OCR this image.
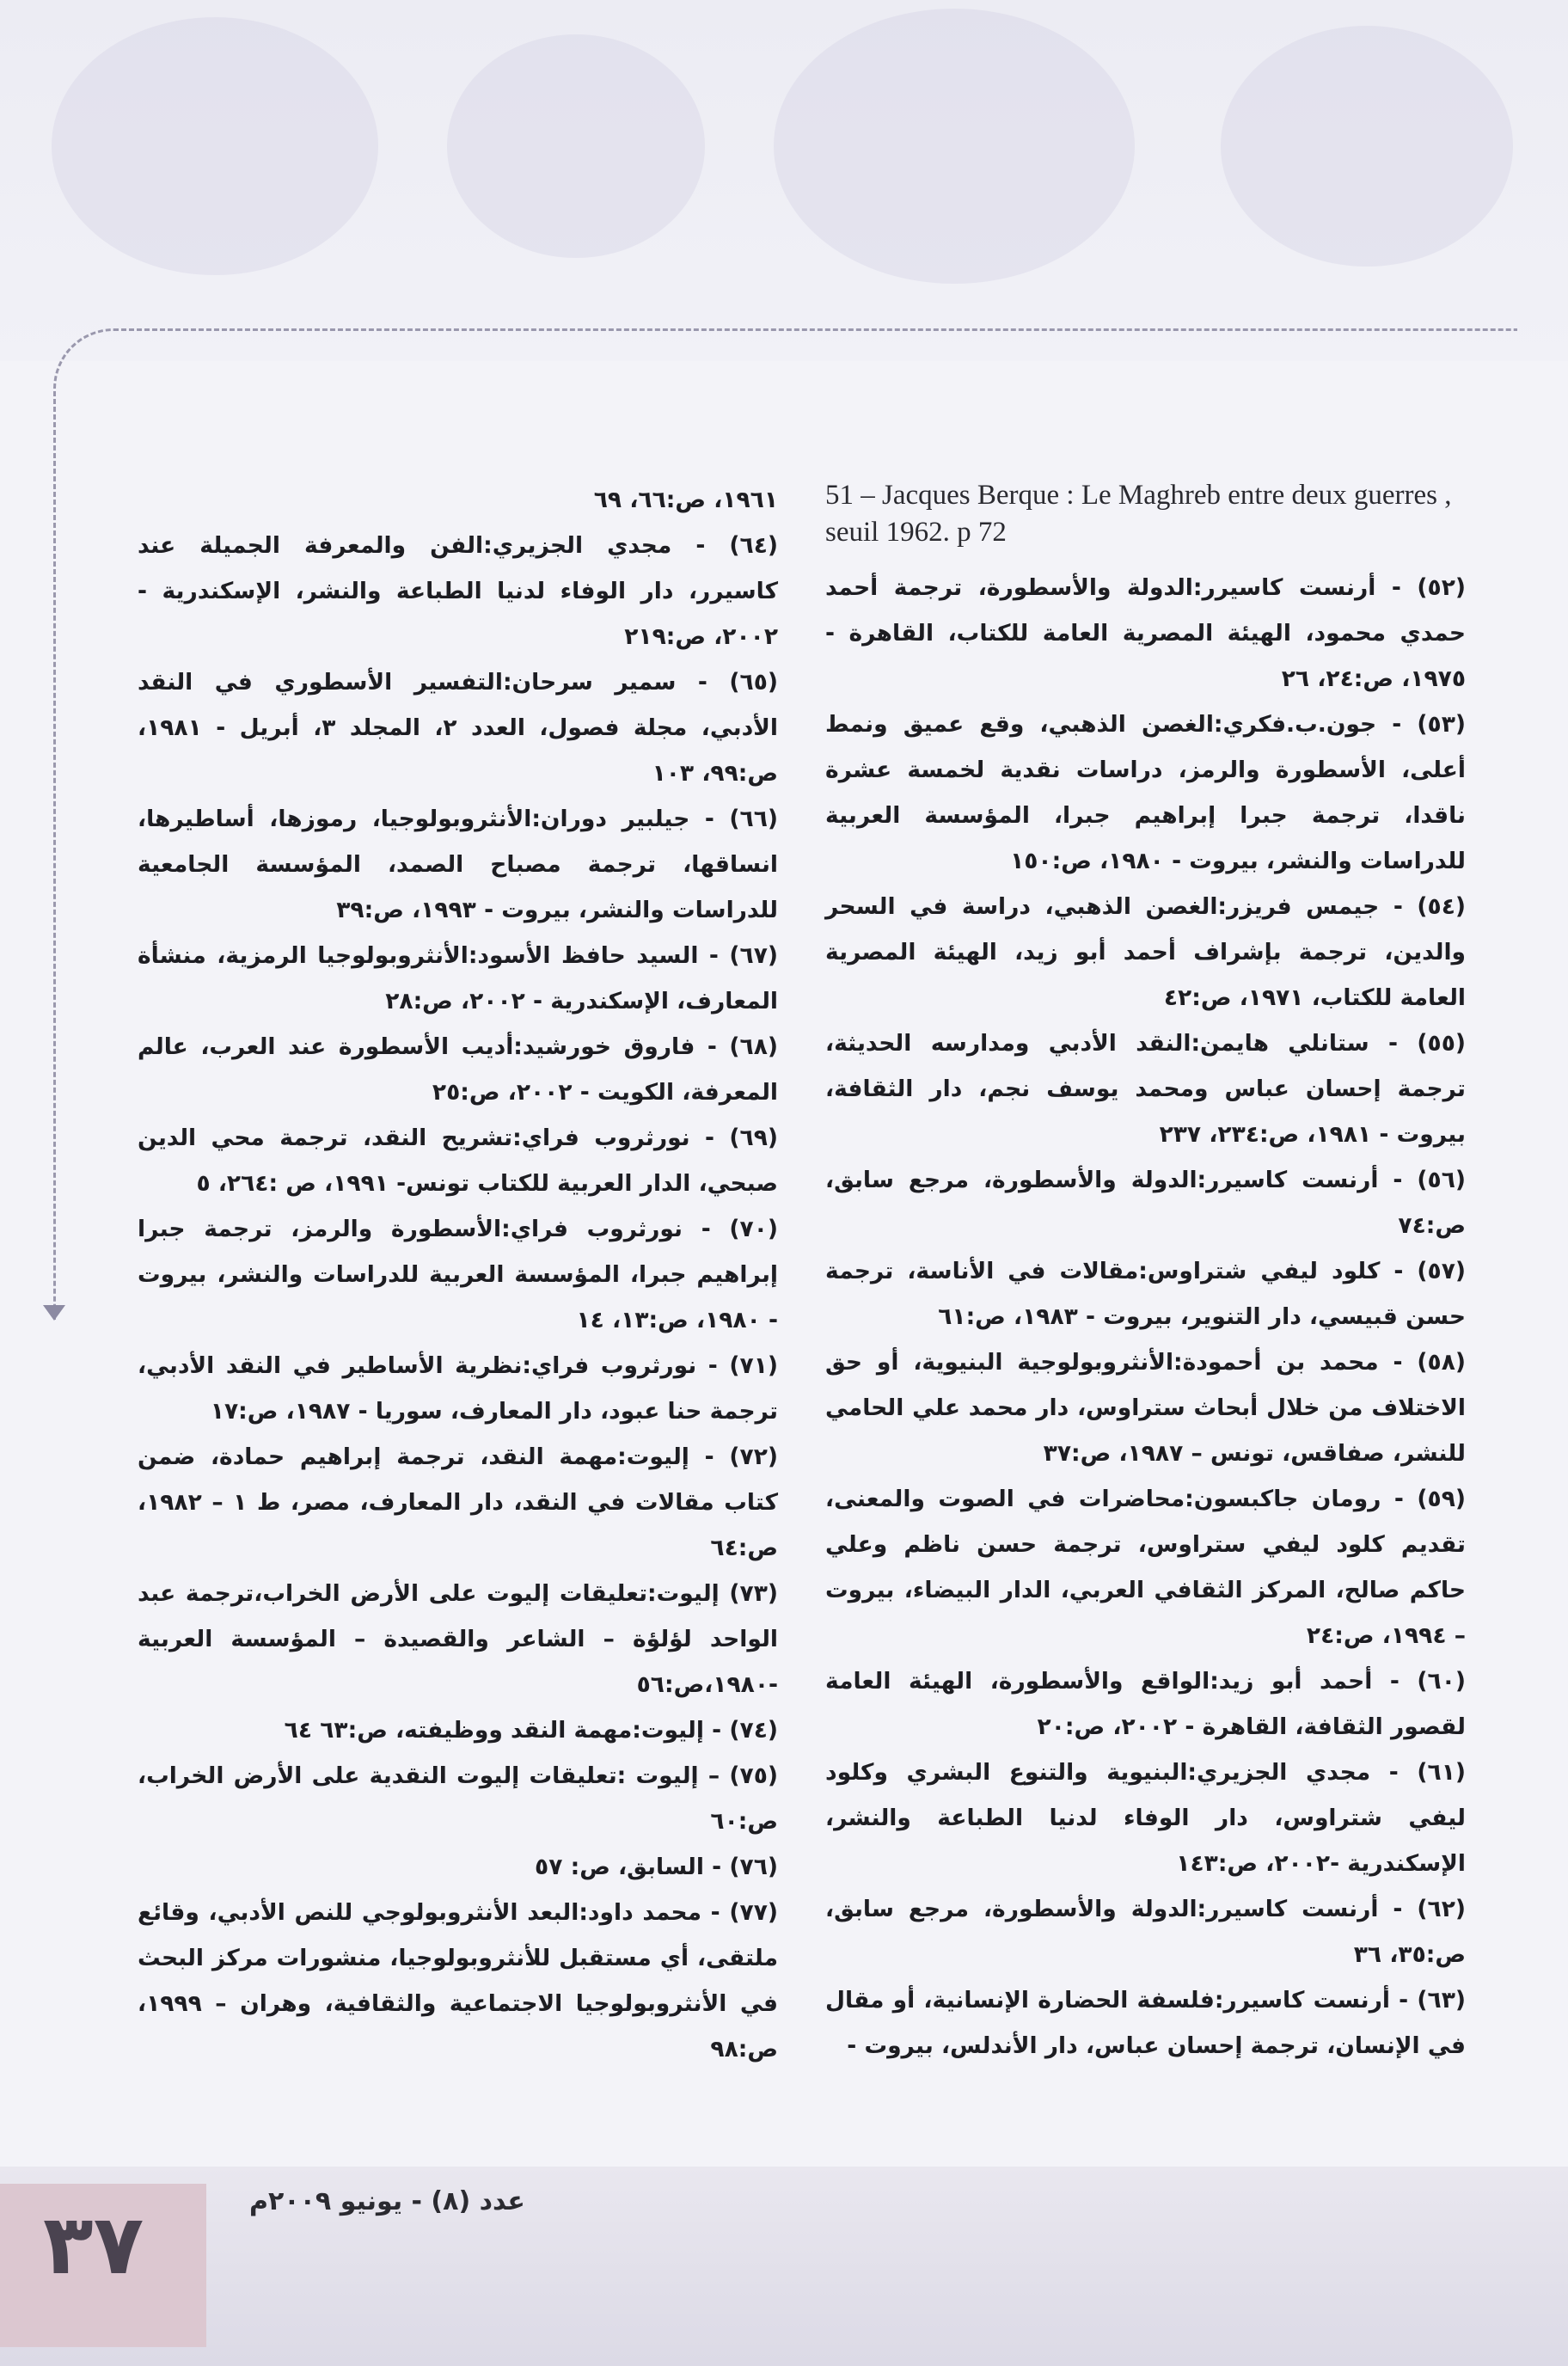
51 – Jacques Berque : Le Maghreb entre deux guerres , seuil 1962. p 72

(٥٢) - أرنست كاسيرر:الدولة والأسطورة، ترجمة أحمد حمدي محمود، الهيئة المصرية العامة للكتاب، القاهرة - ١٩٧٥، ص:٢٤، ٢٦

(٥٣) - جون.ب.فكري:الغصن الذهبي، وقع عميق ونمط أعلى، الأسطورة والرمز، دراسات نقدية لخمسة عشرة ناقدا، ترجمة جبرا إبراهيم جبرا، المؤسسة العربية للدراسات والنشر، بيروت - ١٩٨٠، ص:١٥٠

(٥٤) - جيمس فريزر:الغصن الذهبي، دراسة في السحر والدين، ترجمة بإشراف أحمد أبو زيد، الهيئة المصرية العامة للكتاب، ١٩٧١، ص:٤٢

(٥٥) - ستانلي هايمن:النقد الأدبي ومدارسه الحديثة، ترجمة إحسان عباس ومحمد يوسف نجم، دار الثقافة، بيروت - ١٩٨١، ص:٢٣٤، ٢٣٧

(٥٦) - أرنست كاسيرر:الدولة والأسطورة، مرجع سابق، ص:٧٤

(٥٧) - كلود ليفي شتراوس:مقالات في الأناسة، ترجمة حسن قبيسي، دار التنوير، بيروت - ١٩٨٣، ص:٦١

(٥٨) - محمد بن أحمودة:الأنثروبولوجية البنيوية، أو حق الاختلاف من خلال أبحاث ستراوس، دار محمد علي الحامي للنشر، صفاقس، تونس – ١٩٨٧، ص:٣٧

(٥٩) - رومان جاكبسون:محاضرات في الصوت والمعنى، تقديم كلود ليفي ستراوس، ترجمة حسن ناظم وعلي حاكم صالح، المركز الثقافي العربي، الدار البيضاء، بيروت – ١٩٩٤، ص:٢٤

(٦٠) - أحمد أبو زيد:الواقع والأسطورة، الهيئة العامة لقصور الثقافة، القاهرة - ٢٠٠٢، ص:٢٠

(٦١) - مجدي الجزيري:البنيوية والتنوع البشري وكلود ليفي شتراوس، دار الوفاء لدنيا الطباعة والنشر، الإسكندرية -٢٠٠٢، ص:١٤٣

(٦٢) - أرنست كاسيرر:الدولة والأسطورة، مرجع سابق، ص:٣٥، ٣٦

(٦٣) - أرنست كاسيرر:فلسفة الحضارة الإنسانية، أو مقال في الإنسان، ترجمة إحسان عباس، دار الأندلس، بيروت -

١٩٦١، ص:٦٦، ٦٩

(٦٤) - مجدي الجزيري:الفن والمعرفة الجميلة عند كاسيرر، دار الوفاء لدنيا الطباعة والنشر، الإسكندرية - ٢٠٠٢، ص:٢١٩

(٦٥) - سمير سرحان:التفسير الأسطوري في النقد الأدبي، مجلة فصول، العدد ٢، المجلد ٣، أبريل - ١٩٨١، ص:٩٩، ١٠٣

(٦٦) - جيلبير دوران:الأنثروبولوجيا، رموزها، أساطيرها، انساقها، ترجمة مصباح الصمد، المؤسسة الجامعية للدراسات والنشر، بيروت - ١٩٩٣، ص:٣٩

(٦٧) - السيد حافظ الأسود:الأنثروبولوجيا الرمزية، منشأة المعارف، الإسكندرية - ٢٠٠٢، ص:٢٨

(٦٨) - فاروق خورشيد:أديب الأسطورة عند العرب، عالم المعرفة، الكويت - ٢٠٠٢، ص:٢٥

(٦٩) - نورثروب فراي:تشريح النقد، ترجمة محي الدين صبحي، الدار العربية للكتاب تونس- ١٩٩١، ص :٢٦٤، ٥

(٧٠) - نورثروب فراي:الأسطورة والرمز، ترجمة جبرا إبراهيم جبرا، المؤسسة العربية للدراسات والنشر، بيروت - ١٩٨٠، ص:١٣، ١٤

(٧١) - نورثروب فراي:نظرية الأساطير في النقد الأدبي، ترجمة حنا عبود، دار المعارف، سوريا - ١٩٨٧، ص:١٧

(٧٢) - إليوت:مهمة النقد، ترجمة إبراهيم حمادة، ضمن كتاب مقالات في النقد، دار المعارف، مصر، ط ١ – ١٩٨٢، ص:٦٤

(٧٣) إليوت:تعليقات إليوت على الأرض الخراب،ترجمة عبد الواحد لؤلؤة – الشاعر والقصيدة – المؤسسة العربية -١٩٨٠،ص:٥٦

(٧٤) - إليوت:مهمة النقد ووظيفته، ص:٦٣ ٦٤

(٧٥) – إليوت :تعليقات إليوت النقدية على الأرض الخراب، ص:٦٠

(٧٦) - السابق، ص: ٥٧

(٧٧) - محمد داود:البعد الأنثروبولوجي للنص الأدبي، وقائع ملتقى، أي مستقبل للأنثروبولوجيا، منشورات مركز البحث في الأنثروبولوجيا الاجتماعية والثقافية، وهران – ١٩٩٩، ص:٩٨

٣٧	عدد (٨) - يونيو ٢٠٠٩م
